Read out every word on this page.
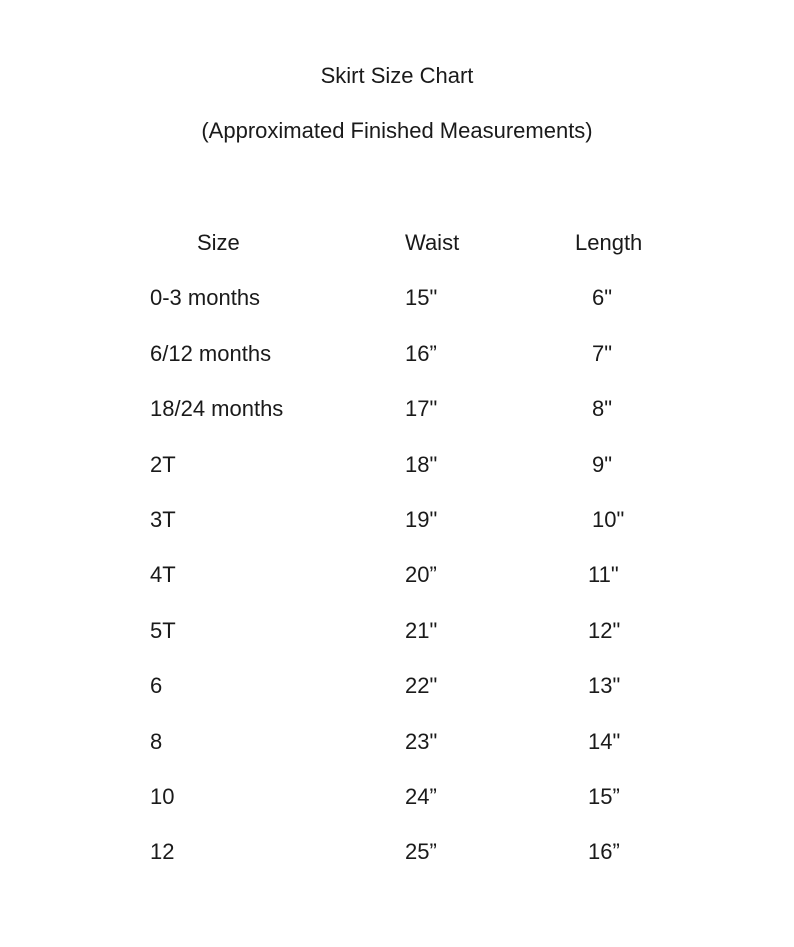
Skirt Size Chart
(Approximated Finished Measurements)
Size	Waist	Length
0-3 months	15"	6"
6/12 months	16”	7"
18/24 months	17"	8"
2T	18"	9"
3T	19"	10"
4T	20”	11"
5T	21"	12"
6	22"	13"
8	23"	14"
10	24”	15”
12	25”	16”
